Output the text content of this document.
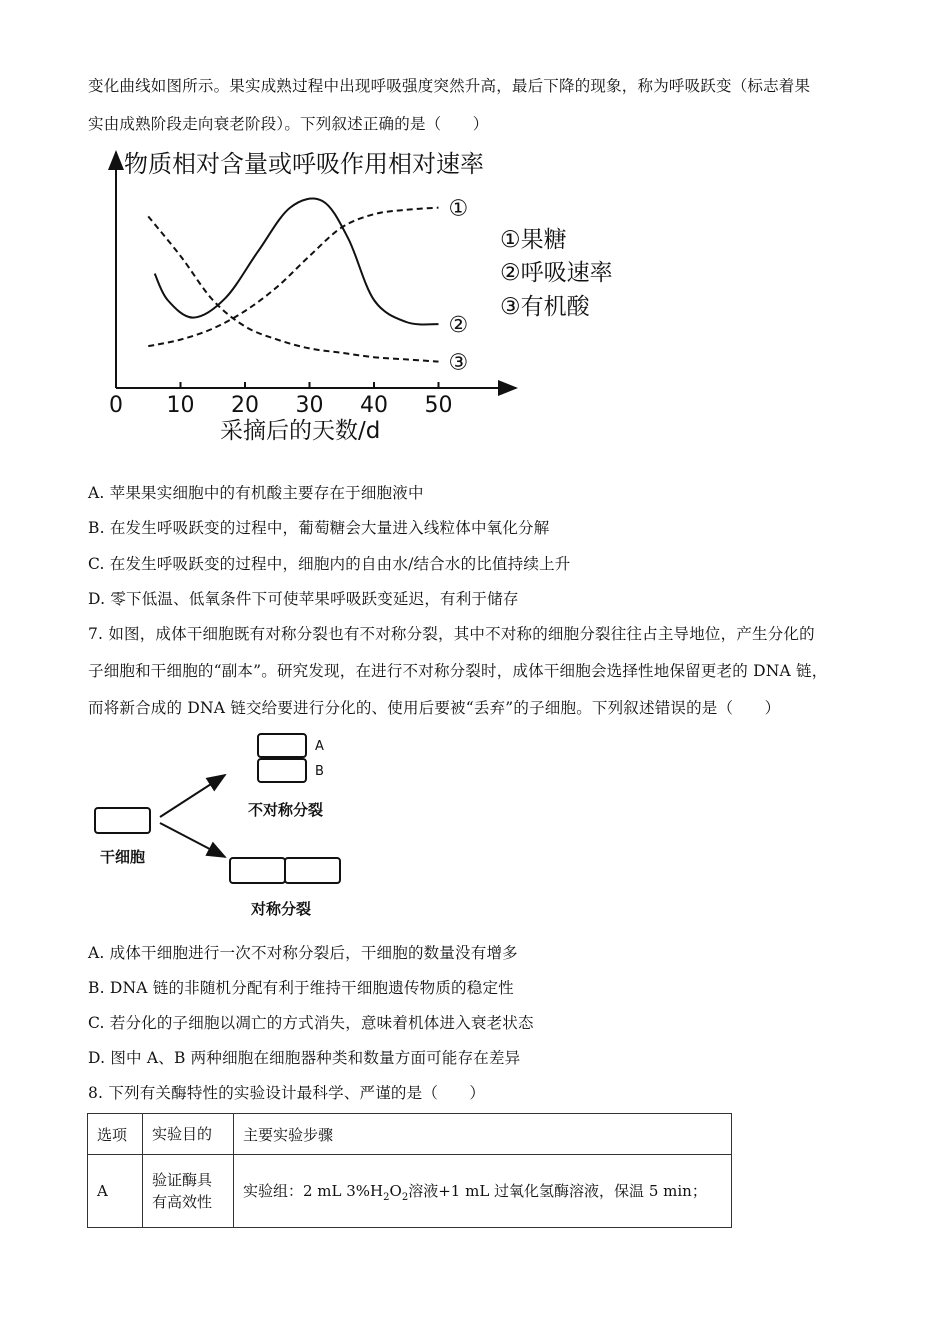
变化曲线如图所示。果实成熟过程中出现呼吸强度突然升高，最后下降的现象，称为呼吸跃变（标志着果
实由成熟阶段走向衰老阶段）。下列叙述正确的是（　　）
物质相对含量或呼吸作用相对速率
采摘后的天数/d
0 10 20 30 40 50
①
②
③
①果糖
②呼吸速率
③有机酸
A. 苹果果实细胞中的有机酸主要存在于细胞液中
B. 在发生呼吸跃变的过程中，葡萄糖会大量进入线粒体中氧化分解
C. 在发生呼吸跃变的过程中，细胞内的自由水/结合水的比值持续上升
D. 零下低温、低氧条件下可使苹果呼吸跃变延迟，有利于储存
7. 如图，成体干细胞既有对称分裂也有不对称分裂，其中不对称的细胞分裂往往占主导地位，产生分化的
子细胞和干细胞的“副本”。研究发现，在进行不对称分裂时，成体干细胞会选择性地保留更老的 DNA 链，
而将新合成的 DNA 链交给要进行分化的、使用后要被“丢弃”的子细胞。下列叙述错误的是（　　）
干细胞
A
B
不对称分裂
对称分裂
A. 成体干细胞进行一次不对称分裂后，干细胞的数量没有增多
B. DNA 链的非随机分配有利于维持干细胞遗传物质的稳定性
C. 若分化的子细胞以凋亡的方式消失，意味着机体进入衰老状态
D. 图中 A、B 两种细胞在细胞器种类和数量方面可能存在差异
8. 下列有关酶特性的实验设计最科学、严谨的是（　　）
选项	实验目的	主要实验步骤
A	验证酶具
有高效性	实验组：2 mL $3\%H_2O_2$溶液+1 mL 过氧化氢酶溶液，保温 5 min；
